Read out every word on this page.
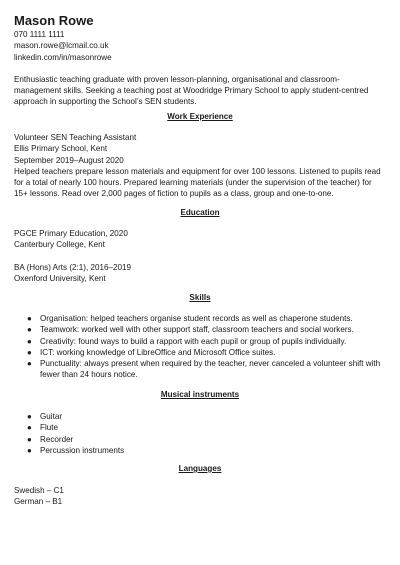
Mason Rowe
070 1111 1111
mason.rowe@lcmail.co.uk
linkedin.com/in/masonrowe
Enthusiastic teaching graduate with proven lesson-planning, organisational and classroom-management skills. Seeking a teaching post at Woodridge Primary School to apply student-centred approach in supporting the School’s SEN students.
Work Experience
Volunteer SEN Teaching Assistant
Ellis Primary School, Kent
September 2019–August 2020
Helped teachers prepare lesson materials and equipment for over 100 lessons. Listened to pupils read for a total of nearly 100 hours. Prepared learning materials (under the supervision of the teacher) for 15+ lessons. Read over 2,000 pages of fiction to pupils as a class, group and one-to-one.
Education
PGCE Primary Education, 2020
Canterbury College, Kent
BA (Hons) Arts (2:1), 2016–2019
Oxenford University, Kent
Skills
● Organisation: helped teachers organise student records as well as chaperone students.
● Teamwork: worked well with other support staff, classroom teachers and social workers.
● Creativity: found ways to build a rapport with each pupil or group of pupils individually.
● ICT: working knowledge of LibreOffice and Microsoft Office suites.
● Punctuality: always present when required by the teacher, never canceled a volunteer shift with fewer than 24 hours notice.
Musical instruments
● Guitar
● Flute
● Recorder
● Percussion instruments
Languages
Swedish – C1
German – B1
